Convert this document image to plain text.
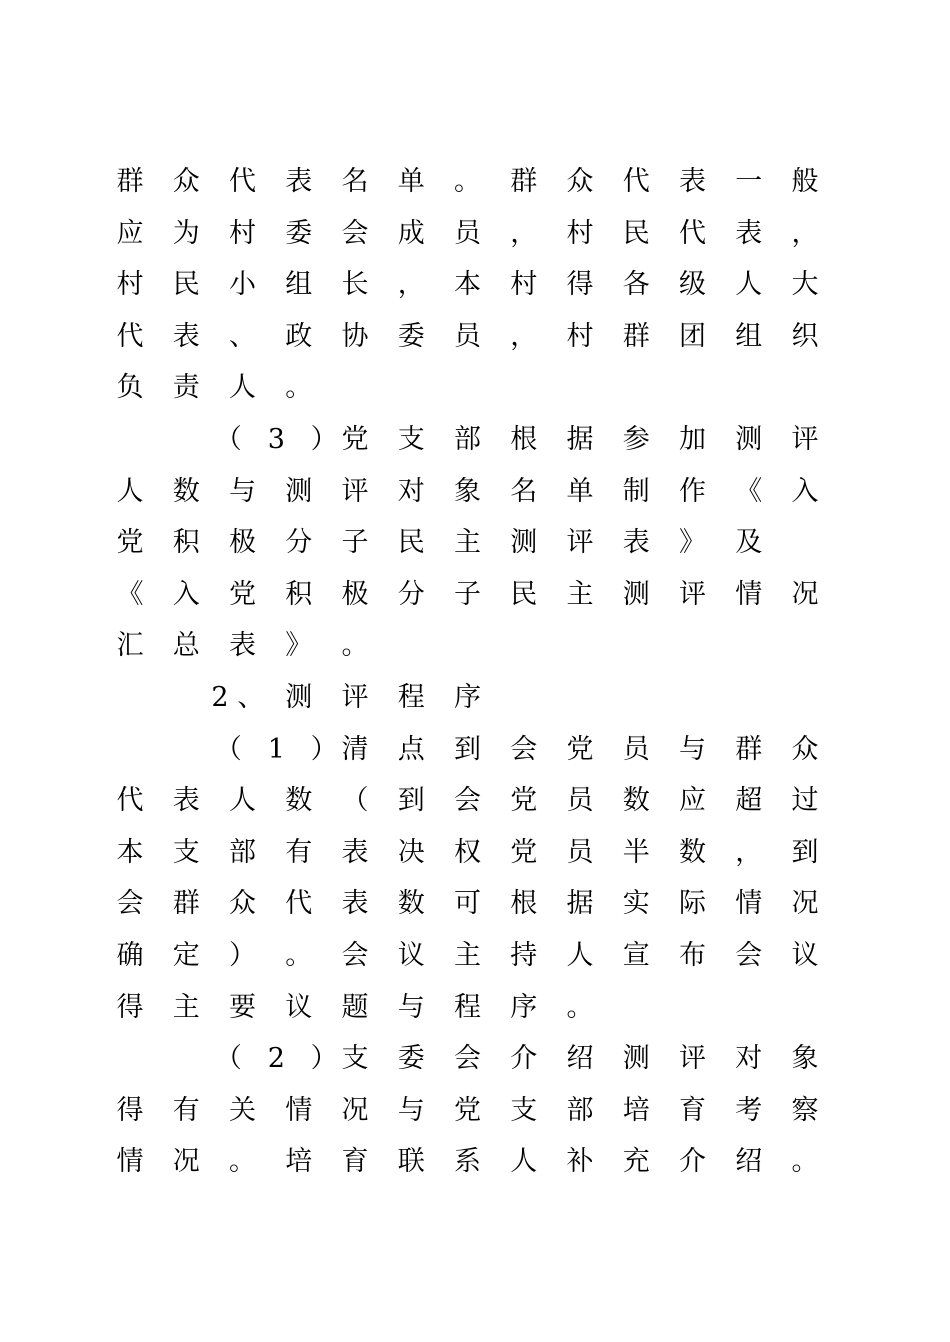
群 众 代 表 名 单 。 群 众 代 表 一 般
应 为 村 委 会 成 员 ， 村 民 代 表 ，
村 民 小 组 长 ， 本 村 得 各 级 人 大
代 表 、 政 协 委 员 ， 村 群 团 组 织
负 责 人 。
（ 3 ） 党 支 部 根 据 参 加 测 评
人 数 与 测 评 对 象 名 单 制 作 《 入
党 积 极 分 子 民 主 测 评 表 》 及
《 入 党 积 极 分 子 民 主 测 评 情 况
汇 总 表 》 。
2 、 测 评 程 序
（ 1 ） 清 点 到 会 党 员 与 群 众
代 表 人 数 （ 到 会 党 员 数 应 超 过
本 支 部 有 表 决 权 党 员 半 数 ， 到
会 群 众 代 表 数 可 根 据 实 际 情 况
确 定 ） 。 会 议 主 持 人 宣 布 会 议
得 主 要 议 题 与 程 序 。
（ 2 ） 支 委 会 介 绍 测 评 对 象
得 有 关 情 况 与 党 支 部 培 育 考 察
情 况 。 培 育 联 系 人 补 充 介 绍 。
